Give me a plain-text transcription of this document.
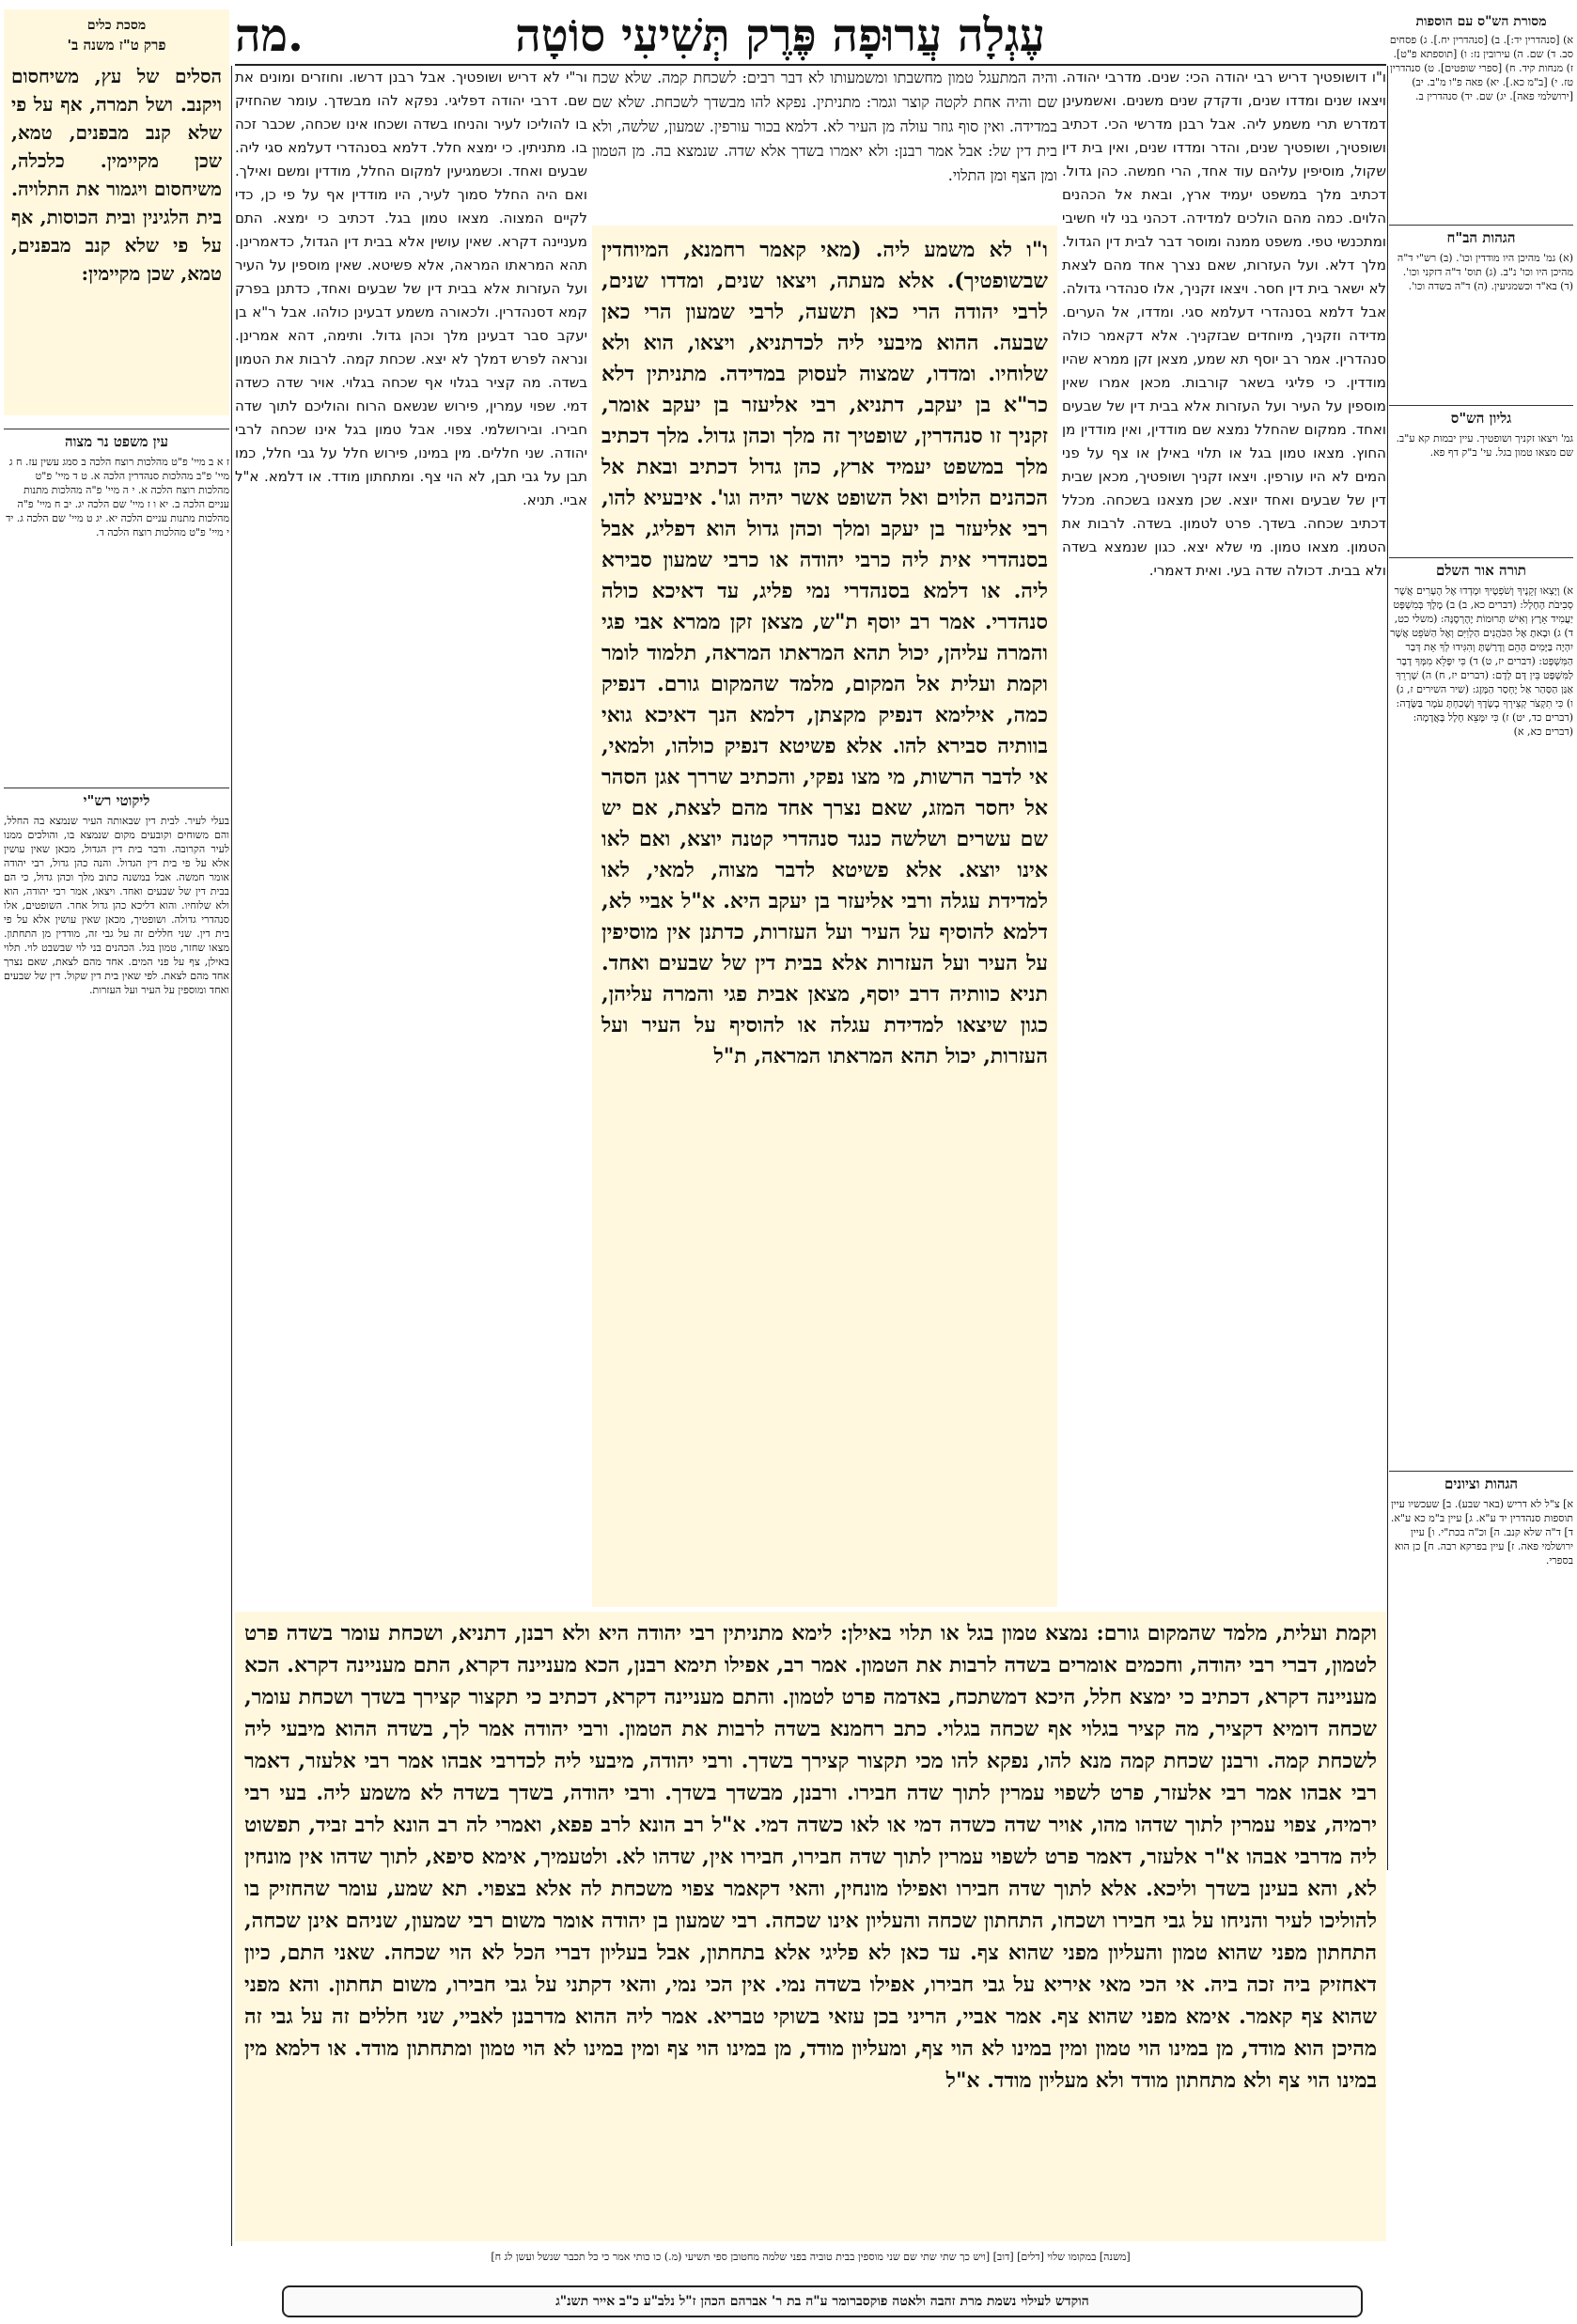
עֶגְלָה עֲרוּפָה פֶּרֶק תְּשִׁיעִי סוֹטָה
מה.
מסכת כלים
פרק ט"ז משנה ב'
הסלים של עץ, משיחסום ויקנב. ושל תמרה, אף על פי שלא קנב מבפנים, טמא, שכן מקיימין. כלכלה, משיחסום ויגמור את התלויה. בית הלגינין ובית הכוסות, אף על פי שלא קנב מבפנים, טמא, שכן מקיימין:
עין משפט נר מצוה
ז א ב מיי' פ"ט מהלכות רוצח הלכה ב סמג עשין עז. ח ג מיי' פ"ב מהלכות סנהדרין הלכה א. ט ד מיי' פ"ט מהלכות רוצח הלכה א. י ה מיי' פ"ה מהלכות מתנות עניים הלכה ב. יא ו ז מיי' שם הלכה יג. יב ח מיי' פ"ה מהלכות מתנות עניים הלכה יא. יג ט מיי' שם הלכה ג. יד י מיי' פ"ט מהלכות רוצח הלכה ד.
ליקוטי רש"י
בעלי לעיר. לבית דין שבאותה העיר שנמצא בה החלל, והם משוחים וקובעים מקום שנמצא בו, והולכים ממנו לעיר הקרובה. ודבר בית דין הגדול, מכאן שאין עושין אלא על פי בית דין הגדול. והנה כהן גדול, רבי יהודה אומר חמשה. אבל במשנה כתוב מלך וכהן גדול, כי הם בבית דין של שבעים ואחד. ויצאו, אמר רבי יהודה, הוא ולא שלוחיו. והוא דליכא כהן גדול אחר. השופטים, אלו סנהדרי גדולה. ושופטיך, מכאן שאין עושין אלא על פי בית דין. שני חללים זה על גבי זה, מודדין מן התחתון. מצאו שחזר, טמון בגל. הכהנים בני לוי שבשבט לוי. תלוי באילן, צף על פני המים. אחד מהם לצאת, שאם נצרך אחד מהם לצאת. לפי שאין בית דין שקול. דין של שבעים ואחד ומוספין על העיר ועל העזרות.
מסורת הש"ס עם הוספות
א) [סנהדרין יד:]. ב) [סנהדרין יח.]. ג) פסחים סב. ד) שם. ה) עירובין נז: ו) [תוספתא פ"ט]. ז) מנחות קיד. ח) [ספרי שופטים]. ט) סנהדרין טז. י) [ב"מ כא.]. יא) פאה פ"ו מ"ב. יב) [ירושלמי פאה]. יג) שם. יד) סנהדרין ב.
הגהות הב"ח
(א) גמ' מהיכן היו מודדין וכו'. (ב) רש"י ד"ה מהיכן היו וכו' נ"ב. (ג) תוס' ד"ה דזקני וכו'. (ד) בא"ד וכשמגיעין. (ה) ד"ה בשדה וכו'.
גליון הש"ס
גמ' ויצאו זקניך ושופטיך. עיין יבמות קא ע"ב. שם מצאו טמון בגל. עי' ב"ק דף פא.
תורה אור השלם
א) וְיָצְאוּ זְקֵנֶיךָ וְשֹׁפְטֶיךָ וּמָדְדוּ אֶל הֶעָרִים אֲשֶׁר סְבִיבֹת הֶחָלָל: (דברים כא, ב) ב) מֶלֶךְ בְּמִשְׁפָּט יַעֲמִיד אָרֶץ וְאִישׁ תְּרוּמוֹת יֶהֶרְסֶנָּה: (משלי כט, ד) ג) וּבָאתָ אֶל הַכֹּהֲנִים הַלְוִיִּם וְאֶל הַשֹּׁפֵט אֲשֶׁר יִהְיֶה בַּיָּמִים הָהֵם וְדָרַשְׁתָּ וְהִגִּידוּ לְךָ אֵת דְּבַר הַמִּשְׁפָּט: (דברים יז, ט) ד) כִּי יִפָּלֵא מִמְּךָ דָבָר לַמִּשְׁפָּט בֵּין דָּם לְדָם: (דברים יז, ח) ה) שָׁרְרֵךְ אַגַּן הַסַּהַר אַל יֶחְסַר הַמָּזֶג: (שיר השירים ז, ג) ו) כִּי תִקְצֹר קְצִירְךָ בְשָׂדֶךָ וְשָׁכַחְתָּ עֹמֶר בַּשָּׂדֶה: (דברים כד, יט) ז) כִּי יִמָּצֵא חָלָל בָּאֲדָמָה: (דברים כא, א)
הגהות וציונים
א] צ"ל לא דריש (באר שבע). ב] שעכשיו עיין תוספות סנהדרין יד ע"א. ג] עיין ב"מ כא ע"א. ד] ד"ה שלא קנב. ה] וכ"ה בכת"י. ו] עיין ירושלמי פאה. ז] עיין בפרקא רבה. ח] כן הוא בספרי.
ו"ו דושופטיך דריש רבי יהודה הכי: שנים. מדרבי יהודה. ויצאו שנים ומדדו שנים, ודקדק שנים משנים. ואשמעינן דמדרש תרי משמע ליה. אבל רבנן מדרשי הכי. דכתיב ושופטיך, ושופטיך שנים, והדר ומדדו שנים, ואין בית דין שקול, מוסיפין עליהם עוד אחד, הרי חמשה. כהן גדול. דכתיב מלך במשפט יעמיד ארץ, ובאת אל הכהנים הלוים. כמה מהם הולכים למדידה. דכהני בני לוי חשיבי ומתכנשי טפי. משפט ממנה ומוסר דבר לבית דין הגדול. מלך דלא. ועל העזרות, שאם נצרך אחד מהם לצאת לא ישאר בית דין חסר. ויצאו זקניך, אלו סנהדרי גדולה. אבל דלמא בסנהדרי דעלמא סגי. ומדדו, אל הערים. מדידה וזקניך, מיוחדים שבזקניך. אלא דקאמר כולה סנהדרין. אמר רב יוסף תא שמע, מצאן זקן ממרא שהיו מודדין. כי פליגי בשאר קורבות. מכאן אמרו שאין מוספין על העיר ועל העזרות אלא בבית דין של שבעים ואחד. ממקום שהחלל נמצא שם מודדין, ואין מודדין מן החוץ. מצאו טמון בגל או תלוי באילן או צף על פני המים לא היו עורפין. ויצאו זקניך ושופטיך, מכאן שבית דין של שבעים ואחד יוצא. שכן מצאנו בשכחה. מכלל דכתיב שכחה. בשדך. פרט לטמון. בשדה. לרבות את הטמון. מצאו טמון. מי שלא יצא. כגון שנמצא בשדה ולא בבית. דכולה שדה בעי. ואית דאמרי.
ור"י לא דריש ושופטיך. אבל רבנן דרשו. וחוזרים ומונים את שם. דרבי יהודה דפליגי. נפקא להו מבשדך. עומר שהחזיק בו להוליכו לעיר והניחו בשדה ושכחו אינו שכחה, שכבר זכה בו. מתניתין. כי ימצא חלל. דלמא בסנהדרי דעלמא סגי ליה. שבעים ואחד. וכשמגיעין למקום החלל, מודדין ומשם ואילך. ואם היה החלל סמוך לעיר, היו מודדין אף על פי כן, כדי לקיים המצוה. מצאו טמון בגל. דכתיב כי ימצא. התם מעניינה דקרא. שאין עושין אלא בבית דין הגדול, כדאמרינן. תהא המראתו המראה, אלא פשיטא. שאין מוספין על העיר ועל העזרות אלא בבית דין של שבעים ואחד, כדתנן בפרק קמא דסנהדרין. ולכאורה משמע דבעינן כולהו. אבל ר"א בן יעקב סבר דבעינן מלך וכהן גדול. ותימה, דהא אמרינן. ונראה לפרש דמלך לא יצא. שכחת קמה. לרבות את הטמון בשדה. מה קציר בגלוי אף שכחה בגלוי. אויר שדה כשדה דמי. שפוי עמרין, פירוש שנשאם הרוח והוליכם לתוך שדה חבירו. ובירושלמי. צפוי. אבל טמון בגל אינו שכחה לרבי יהודה. שני חללים. מין במינו, פירוש חלל על גבי חלל, כמו תבן על גבי תבן, לא הוי צף. ומתחתון מודד. או דלמא. א"ל אביי. תניא.
והיה המתעגל טמון מחשבתו ומשמעותו לא דבר רבים: לשכחת קמה. שלא שכח שם והיה אחת לקטה קוצר וגמר: מתניתין. נפקא להו מבשדך לשכחת. שלא שם במדידה. ואין סוף גוזר עולה מן העיר לא. דלמא בכור עורפין. שמעון, שלשה, ולא בית דין של: אבל אמר רבנן: ולא יאמרו בשדך אלא שדה. שנמצא בה. מן הטמון ומן הצף ומן התלוי.
ו"ו לא משמע ליה. (מאי קאמר רחמנא, המיוחדין שבשופטיך). אלא מעתה, ויצאו שנים, ומדדו שנים, לרבי יהודה הרי כאן תשעה, לרבי שמעון הרי כאן שבעה. ההוא מיבעי ליה לכדתניא, ויצאו, הוא ולא שלוחיו. ומדדו, שמצוה לעסוק במדידה. מתניתין דלא כר"א בן יעקב, דתניא, רבי אליעזר בן יעקב אומר, זקניך זו סנהדרין, שופטיך זה מלך וכהן גדול. מלך דכתיב מלך במשפט יעמיד ארץ, כהן גדול דכתיב ובאת אל הכהנים הלוים ואל השופט אשר יהיה וגו'. איבעיא להו, רבי אליעזר בן יעקב ומלך וכהן גדול הוא דפליג, אבל בסנהדרי אית ליה כרבי יהודה או כרבי שמעון סבירא ליה. או דלמא בסנהדרי נמי פליג, עד דאיכא כולה סנהדרי. אמר רב יוסף ת"ש, מצאן זקן ממרא אבי פגי והמרה עליהן, יכול תהא המראתו המראה, תלמוד לומר וקמת ועלית אל המקום, מלמד שהמקום גורם. דנפיק כמה, אילימא דנפיק מקצתן, דלמא הנך דאיכא גואי בוותיה סבירא להו. אלא פשיטא דנפיק כולהו, ולמאי, אי לדבר הרשות, מי מצו נפקי, והכתיב שררך אגן הסהר אל יחסר המזג, שאם נצרך אחד מהם לצאת, אם יש שם עשרים ושלשה כנגד סנהדרי קטנה יוצא, ואם לאו אינו יוצא. אלא פשיטא לדבר מצוה, למאי, לאו למדידת עגלה ורבי אליעזר בן יעקב היא. א"ל אביי לא, דלמא להוסיף על העיר ועל העזרות, כדתנן אין מוסיפין על העיר ועל העזרות אלא בבית דין של שבעים ואחד. תניא כוותיה דרב יוסף, מצאן אבית פגי והמרה עליהן, כגון שיצאו למדידת עגלה או להוסיף על העיר ועל העזרות, יכול תהא המראתו המראה, ת"ל
וקמת ועלית, מלמד שהמקום גורם: נמצא טמון בגל או תלוי באילן: לימא מתניתין רבי יהודה היא ולא רבנן, דתניא, ושכחת עומר בשדה פרט לטמון, דברי רבי יהודה, וחכמים אומרים בשדה לרבות את הטמון. אמר רב, אפילו תימא רבנן, הכא מעניינה דקרא, התם מעניינה דקרא. הכא מעניינה דקרא, דכתיב כי ימצא חלל, היכא דמשתכח, באדמה פרט לטמון. והתם מעניינה דקרא, דכתיב כי תקצור קצירך בשדך ושכחת עומר, שכחה דומיא דקציר, מה קציר בגלוי אף שכחה בגלוי. כתב רחמנא בשדה לרבות את הטמון. ורבי יהודה אמר לך, בשדה ההוא מיבעי ליה לשכחת קמה. ורבנן שכחת קמה מנא להו, נפקא להו מכי תקצור קצירך בשדך. ורבי יהודה, מיבעי ליה לכדרבי אבהו אמר רבי אלעזר, דאמר רבי אבהו אמר רבי אלעזר, פרט לשפוי עמרין לתוך שדה חבירו. ורבנן, מבשדך בשדך. ורבי יהודה, בשדך בשדה לא משמע ליה. בעי רבי ירמיה, צפוי עמרין לתוך שדהו מהו, אויר שדה כשדה דמי או לאו כשדה דמי. א"ל רב הונא לרב פפא, ואמרי לה רב הונא לרב זביד, תפשוט ליה מדרבי אבהו א"ר אלעזר, דאמר פרט לשפוי עמרין לתוך שדה חבירו, חבירו אין, שדהו לא. ולטעמיך, אימא סיפא, לתוך שדהו אין מונחין לא, והא בעינן בשדך וליכא. אלא לתוך שדה חבירו ואפילו מונחין, והאי דקאמר צפוי משכחת לה אלא בצפוי. תא שמע, עומר שהחזיק בו להוליכו לעיר והניחו על גבי חבירו ושכחו, התחתון שכחה והעליון אינו שכחה. רבי שמעון בן יהודה אומר משום רבי שמעון, שניהם אינן שכחה, התחתון מפני שהוא טמון והעליון מפני שהוא צף. עד כאן לא פליגי אלא בתחתון, אבל בעליון דברי הכל לא הוי שכחה. שאני התם, כיון דאחזיק ביה זכה ביה. אי הכי מאי איריא על גבי חבירו, אפילו בשדה נמי. אין הכי נמי, והאי דקתני על גבי חבירו, משום תחתון. והא מפני שהוא צף קאמר. אימא מפני שהוא צף. אמר אביי, הריני בכן עזאי בשוקי טבריא. אמר ליה ההוא מדרבנן לאביי, שני חללים זה על גבי זה מהיכן הוא מודד, מן במינו הוי טמון ומין במינו לא הוי צף, ומעליון מודד, מן במינו הוי צף ומין במינו לא הוי טמון ומתחתון מודד. או דלמא מין במינו הוי צף ולא מתחתון מודד ולא מעליון מודד. א"ל
[משנה] במקומו שלוי [דלים] [דוב] [ויש כך שתי שתי שם שני מוספין בבית טוביה בפני שלמה מחטובן ספי תשיעי (מ.) כו כותי אמר כי כל תכבר שנשל ועשן לג ח]
הוקדש לעילוי נשמת מרת זהבה ולאטה פוקסברומר ע"ה בת ר' אברהם הכהן ז"ל נלב"ע כ"ב אייר תשנ"ג
